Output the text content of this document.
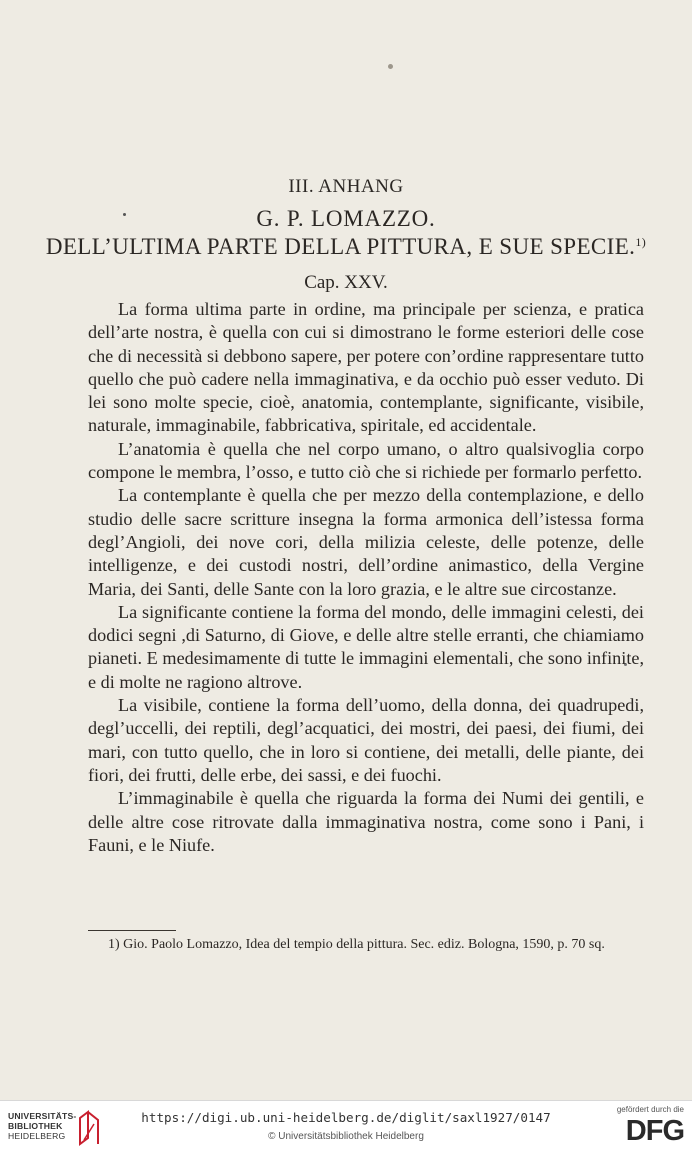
III. ANHANG
G. P. LOMAZZO.
DELL’ULTIMA PARTE DELLA PITTURA, E SUE SPECIE.$^{1)}$
Cap. XXV.

La forma ultima parte in ordine, ma principale per scienza, e pratica dell’arte nostra, è quella con cui si dimostrano le forme esteriori delle cose che di necessità si debbono sapere, per potere con’ordine rappresentare tutto quello che può cadere nella immaginativa, e da occhio può esser veduto. Di lei sono molte specie, cioè, anatomia, contemplante, significante, visibile, naturale, immaginabile, fabbricativa, spiritale, ed accidentale.

L’anatomia è quella che nel corpo umano, o altro qualsivoglia corpo compone le membra, l’osso, e tutto ciò che si richiede per formarlo perfetto.

La contemplante è quella che per mezzo della contemplazione, e dello studio delle sacre scritture insegna la forma armonica dell’istessa forma degl’Angioli, dei nove cori, della milizia celeste, delle potenze, delle intelligenze, e dei custodi nostri, dell’ordine animastico, della Vergine Maria, dei Santi, delle Sante con la loro grazia, e le altre sue circostanze.

La significante contiene la forma del mondo, delle immagini celesti, dei dodici segni ,di Saturno, di Giove, e delle altre stelle erranti, che chiamiamo pianeti. E medesimamente di tutte le immagini elementali, che sono infinite, e di molte ne ragiono altrove.

La visibile, contiene la forma dell’uomo, della donna, dei quadrupedi, degl’uccelli, dei reptili, degl’acquatici, dei mostri, dei paesi, dei fiumi, dei mari, con tutto quello, che in loro si contiene, dei metalli, delle piante, dei fiori, dei frutti, delle erbe, dei sassi, e dei fuochi.

L’immaginabile è quella che riguarda la forma dei Numi dei gentili, e delle altre cose ritrovate dalla immaginativa nostra, come sono i Pani, i Fauni, e le Niufe.

1) Gio. Paolo Lomazzo, Idea del tempio della pittura. Sec. ediz. Bologna, 1590, p. 70 sq.
UNIVERSITÄTS-
BIBLIOTHEK
HEIDELBERG
https://digi.ub.uni-heidelberg.de/diglit/saxl1927/0147
© Universitätsbibliothek Heidelberg
gefördert durch die
DFG
